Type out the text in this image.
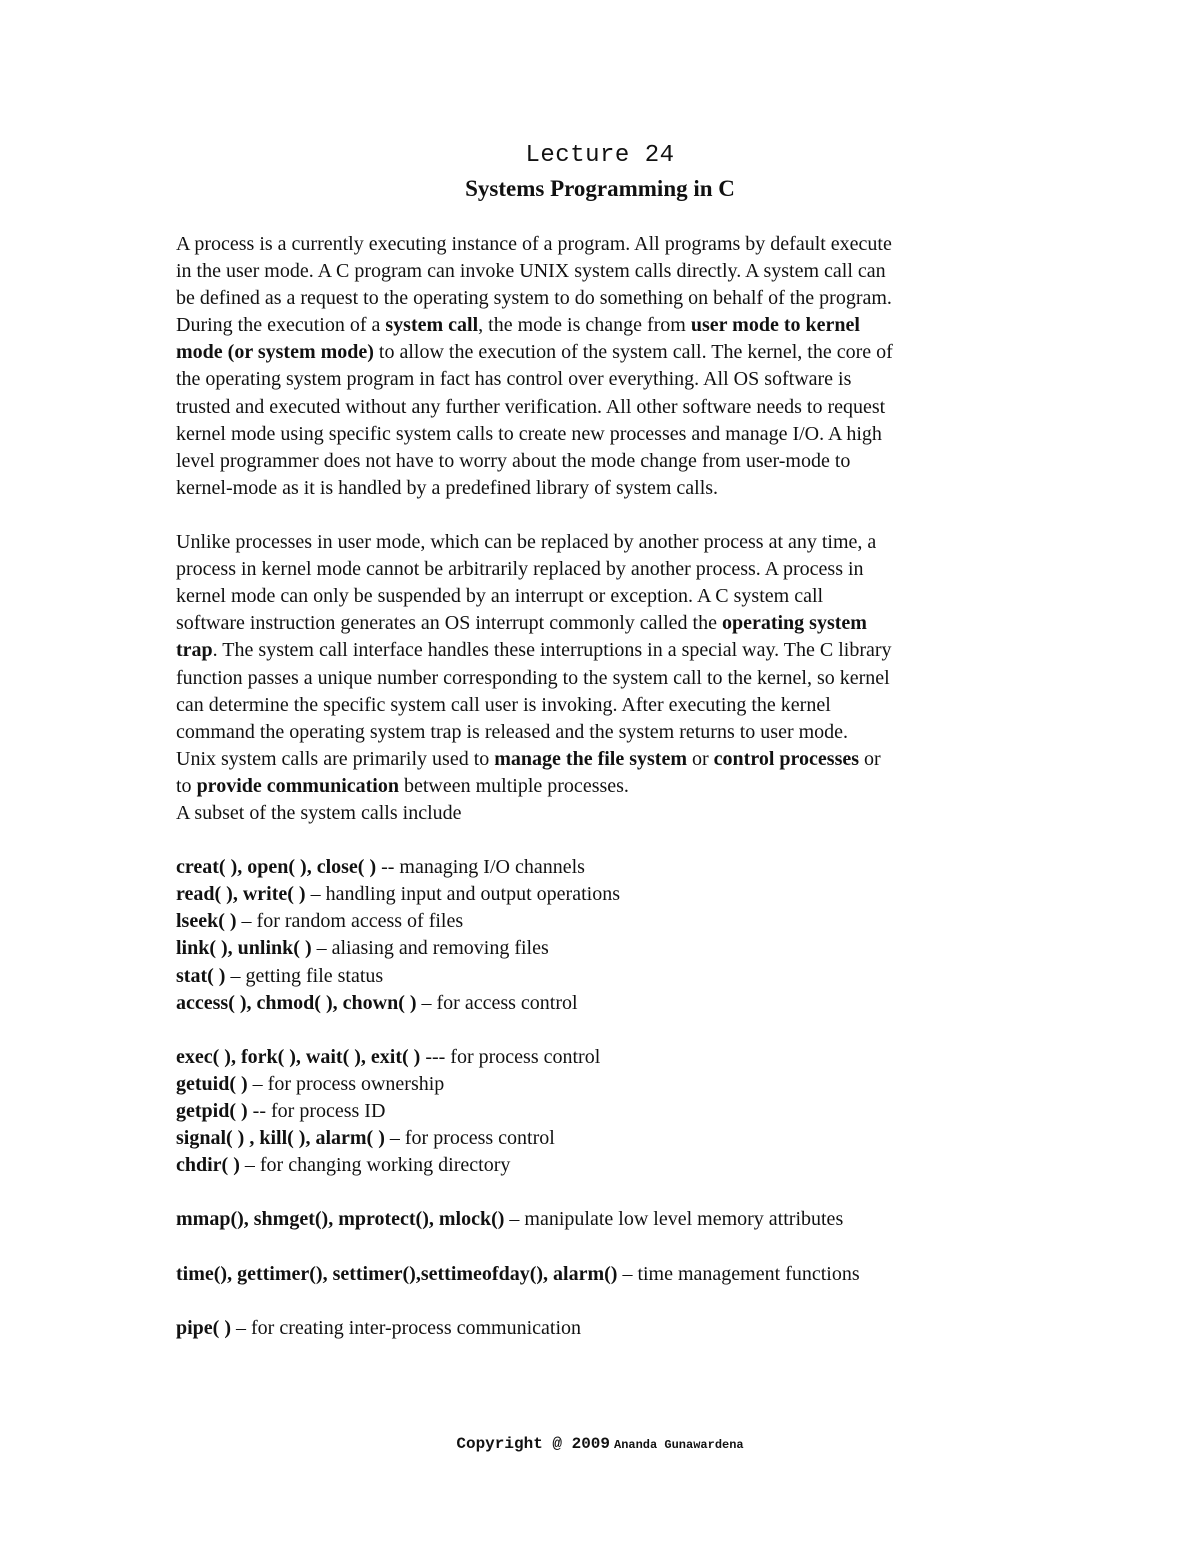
Lecture 24
Systems Programming in C
A process is a currently executing instance of a program. All programs by default execute
in the user mode. A C program can invoke UNIX system calls directly. A system call can
be defined as a request to the operating system to do something on behalf of the program.
During the execution of a system call, the mode is change from user mode to kernel
mode (or system mode) to allow the execution of the system call. The kernel, the core of
the operating system program in fact has control over everything. All OS software is
trusted and executed without any further verification. All other software needs to request
kernel mode using specific system calls to create new processes and manage I/O. A high
level programmer does not have to worry about the mode change from user-mode to
kernel-mode as it is handled by a predefined library of system calls.
Unlike processes in user mode, which can be replaced by another process at any time, a
process in kernel mode cannot be arbitrarily replaced by another process. A process in
kernel mode can only be suspended by an interrupt or exception. A C system call
software instruction generates an OS interrupt commonly called the operating system
trap. The system call interface handles these interruptions in a special way. The C library
function passes a unique number corresponding to the system call to the kernel, so kernel
can determine the specific system call user is invoking. After executing the kernel
command the operating system trap is released and the system returns to user mode.
Unix system calls are primarily used to manage the file system or control processes or
to provide communication between multiple processes.
A subset of the system calls include
creat( ), open( ), close( ) -- managing I/O channels
read( ), write( ) – handling input and output operations
lseek( ) – for random access of files
link( ), unlink( ) – aliasing and removing files
stat( ) – getting file status
access( ), chmod( ), chown( ) – for access control
exec( ), fork( ), wait( ), exit( ) --- for process control
getuid( ) – for process ownership
getpid( ) -- for process ID
signal( ) , kill( ), alarm( ) – for process control
chdir( ) – for changing working directory
mmap(), shmget(), mprotect(), mlock() – manipulate low level memory attributes
time(), gettimer(), settimer(),settimeofday(), alarm() – time management functions
pipe( ) – for creating inter-process communication
Copyright @ 2009 Ananda Gunawardena
